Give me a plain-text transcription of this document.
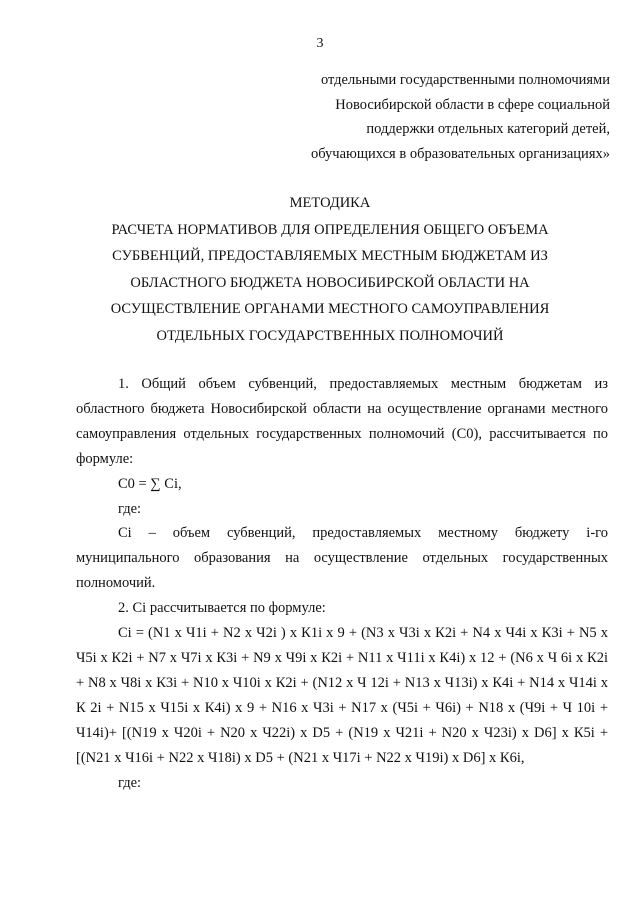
3
отдельными государственными полномочиями
Новосибирской области в сфере социальной
поддержки отдельных категорий детей,
обучающихся в образовательных организациях»
МЕТОДИКА
РАСЧЕТА НОРМАТИВОВ ДЛЯ ОПРЕДЕЛЕНИЯ ОБЩЕГО ОБЪЕМА
СУБВЕНЦИЙ, ПРЕДОСТАВЛЯЕМЫХ МЕСТНЫМ БЮДЖЕТАМ ИЗ
ОБЛАСТНОГО БЮДЖЕТА НОВОСИБИРСКОЙ ОБЛАСТИ НА
ОСУЩЕСТВЛЕНИЕ ОРГАНАМИ МЕСТНОГО САМОУПРАВЛЕНИЯ
ОТДЕЛЬНЫХ ГОСУДАРСТВЕННЫХ ПОЛНОМОЧИЙ

1. Общий объем субвенций, предоставляемых местным бюджетам из областного бюджета Новосибирской области на осуществление органами местного самоуправления отдельных государственных полномочий (С0), рассчитывается по формуле:

С0 = ∑ Сi,

где:

Сi – объем субвенций, предоставляемых местному бюджету i-го муниципального образования на осуществление отдельных государственных полномочий.

2. Сi рассчитывается по формуле:

Сi = (N1 х Ч1i + N2 х Ч2i ) х К1i х 9 + (N3 х Ч3i х К2i + N4 х Ч4i х К3i + N5 х Ч5i х К2i + N7 х Ч7i х К3i + N9 х Ч9i х К2i + N11 х Ч11i х К4i) х 12 + (N6 х Ч 6i х К2i + N8 х Ч8i х К3i + N10 х Ч10i х К2i + (N12 х Ч 12i + N13 х Ч13i) х К4i + N14 х Ч14i х К 2i + N15 х Ч15i х К4i) х 9 + N16 х Ч3i + N17 х (Ч5i + Ч6i) + N18 х (Ч9i + Ч 10i + Ч14i)+ [(N19 х Ч20i + N20 х Ч22i) х D5 + (N19 х Ч21i + N20 х Ч23i) х D6] х К5i + [(N21 х Ч16i + N22 х Ч18i) х D5 + (N21 х Ч17i + N22 х Ч19i) х D6] х К6i,

где:
